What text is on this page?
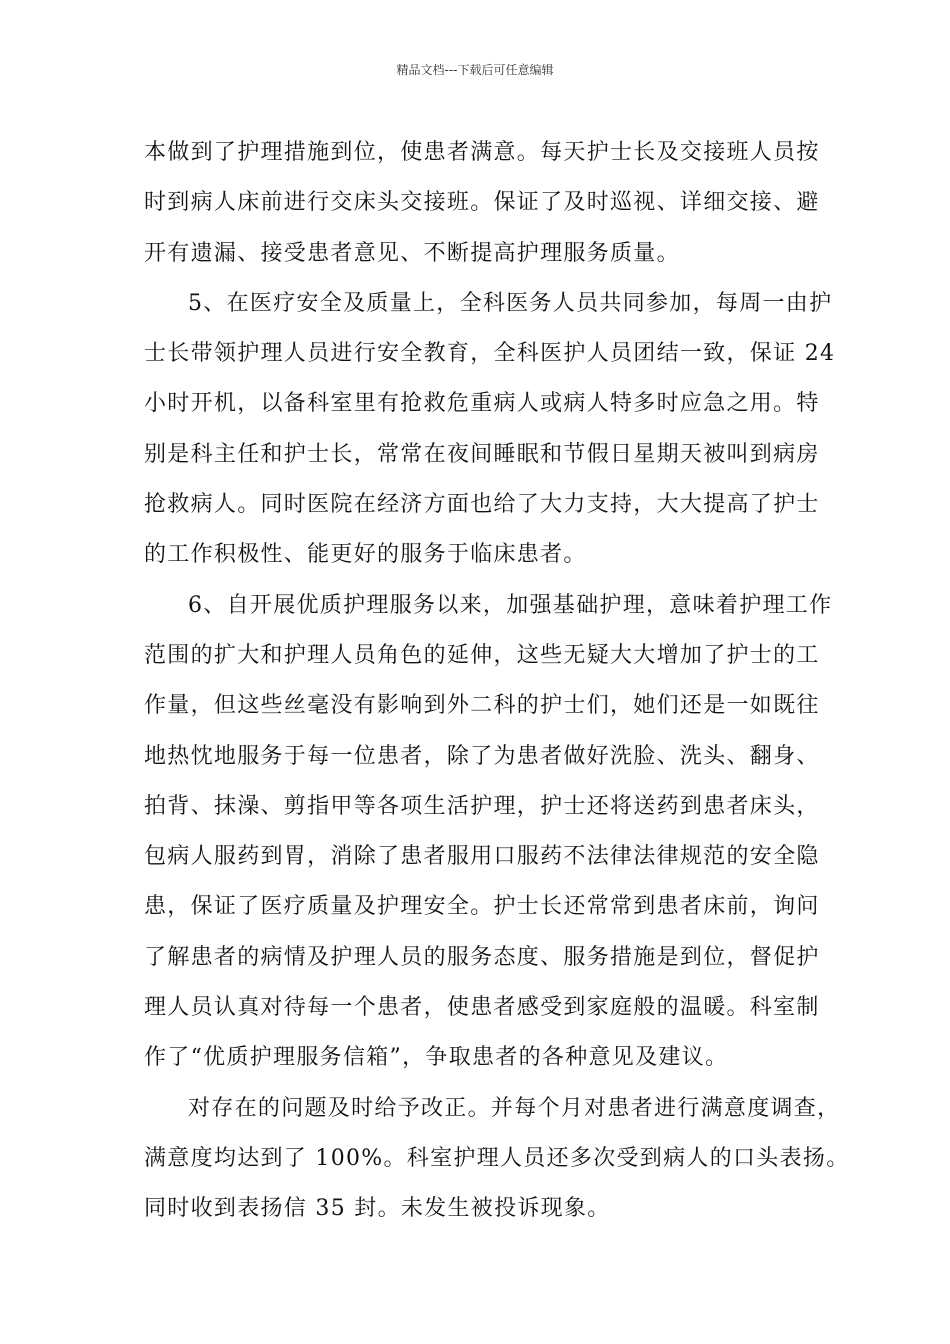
精品文档---下载后可任意编辑
本做到了护理措施到位，使患者满意。每天护士长及交接班人员按
时到病人床前进行交床头交接班。保证了及时巡视、详细交接、避
开有遗漏、接受患者意见、不断提高护理服务质量。
5、在医疗安全及质量上，全科医务人员共同参加，每周一由护
士长带领护理人员进行安全教育，全科医护人员团结一致，保证 24
小时开机，以备科室里有抢救危重病人或病人特多时应急之用。特
别是科主任和护士长，常常在夜间睡眠和节假日星期天被叫到病房
抢救病人。同时医院在经济方面也给了大力支持，大大提高了护士
的工作积极性、能更好的服务于临床患者。
6、自开展优质护理服务以来，加强基础护理，意味着护理工作
范围的扩大和护理人员角色的延伸，这些无疑大大增加了护士的工
作量，但这些丝毫没有影响到外二科的护士们，她们还是一如既往
地热忱地服务于每一位患者，除了为患者做好洗脸、洗头、翻身、
拍背、抹澡、剪指甲等各项生活护理，护士还将送药到患者床头，
包病人服药到胃，消除了患者服用口服药不法律法律规范的安全隐
患，保证了医疗质量及护理安全。护士长还常常到患者床前，询问
了解患者的病情及护理人员的服务态度、服务措施是到位，督促护
理人员认真对待每一个患者，使患者感受到家庭般的温暖。科室制
作了“优质护理服务信箱”，争取患者的各种意见及建议。
对存在的问题及时给予改正。并每个月对患者进行满意度调查，
满意度均达到了 100%。科室护理人员还多次受到病人的口头表扬。
同时收到表扬信 35 封。未发生被投诉现象。
